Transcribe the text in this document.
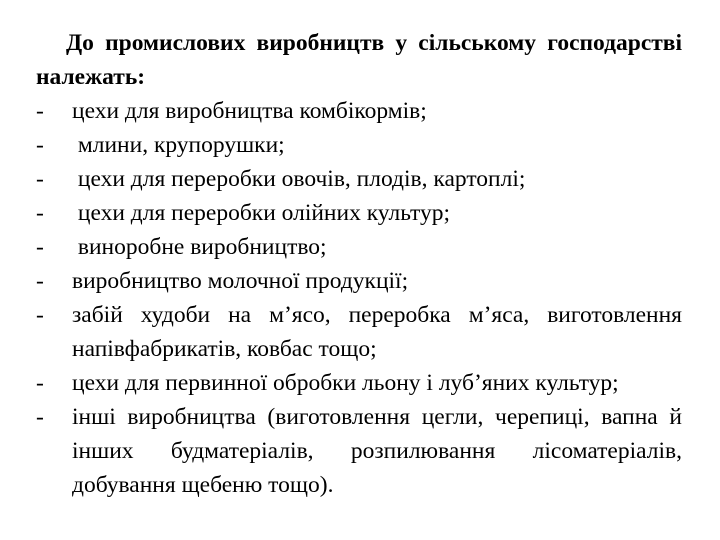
До промислових виробництв у сільському господарстві належать:

-	цехи для виробництва комбікормів;
-	млини, крупорушки;
-	цехи для переробки овочів, плодів, картоплі;
-	цехи для переробки олійних культур;
-	виноробне виробництво;
-	виробництво молочної продукції;
-	забій худоби на м’ясо, переробка м’яса, виготовлення напівфабрикатів, ковбас тощо;
-	цехи для первинної обробки льону і луб’яних культур;
-	інші виробництва (виготовлення цегли, черепиці, вапна й інших будматеріалів, розпилювання лісоматеріалів, добування щебеню тощо).
